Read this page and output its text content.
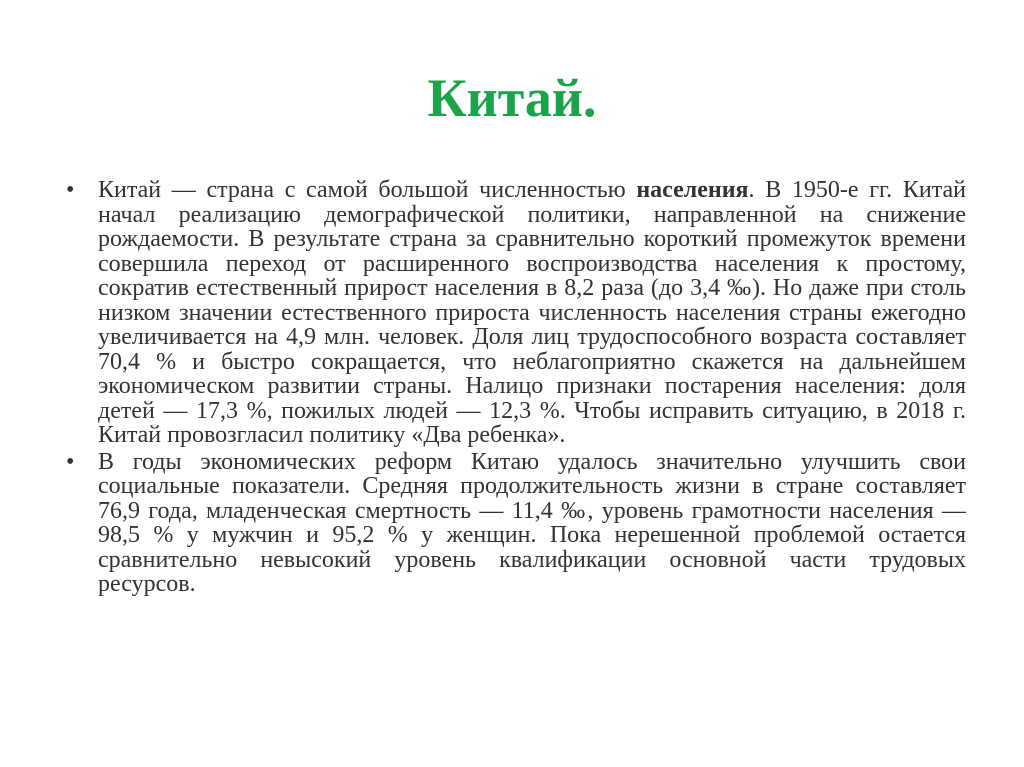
Китай.
• Китай — страна с самой большой численностью населения. В 1950-е гг. Китай начал реализацию демографической политики, направленной на снижение рождаемости. В результате страна за сравнительно короткий промежуток времени совершила переход от расширенного воспроизводства населения к простому, сократив естественный прирост населения в 8,2 раза (до 3,4 ‰). Но даже при столь низком значении естественного прироста численность населения страны ежегодно увеличивается на 4,9 млн. человек. Доля лиц трудоспособного возраста составляет 70,4 % и быстро сокращается, что неблагоприятно скажется на дальнейшем экономическом развитии страны. Налицо признаки постарения населения: доля детей — 17,3 %, пожилых людей — 12,3 %. Чтобы исправить ситуацию, в 2018 г. Китай провозгласил политику «Два ребенка».
• В годы экономических реформ Китаю удалось значительно улучшить свои социальные показатели. Средняя продолжительность жизни в стране составляет 76,9 года, младенческая смертность — 11,4 ‰, уровень грамотности населения — 98,5 % у мужчин и 95,2 % у женщин. Пока нерешенной проблемой остается сравнительно невысокий уровень квалификации основной части трудовых ресурсов.
